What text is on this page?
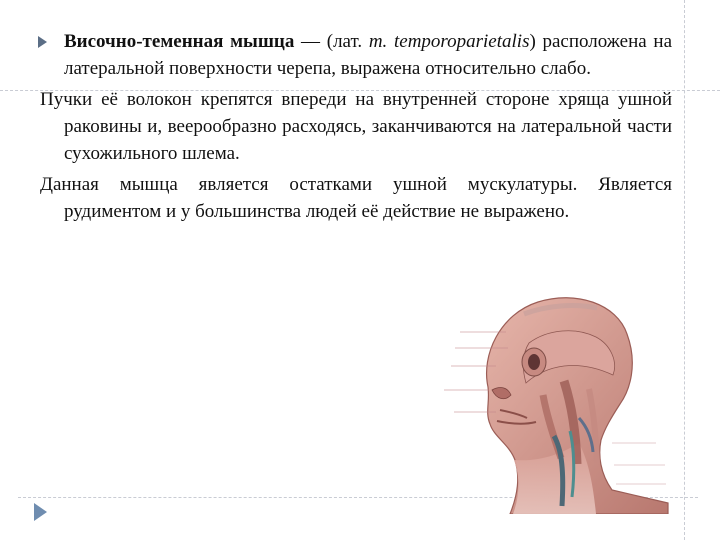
Височно-теменная мышца — (лат. m. temporoparietalis) расположена на латеральной поверхности черепа, выражена относительно слабо.

Пучки её волокон крепятся впереди на внутренней стороне хряща ушной раковины и, веерообразно расходясь, заканчиваются на латеральной части сухожильного шлема.

Данная мышца является остатками ушной мускулатуры. Является рудиментом и у большинства людей её действие не выражено.
